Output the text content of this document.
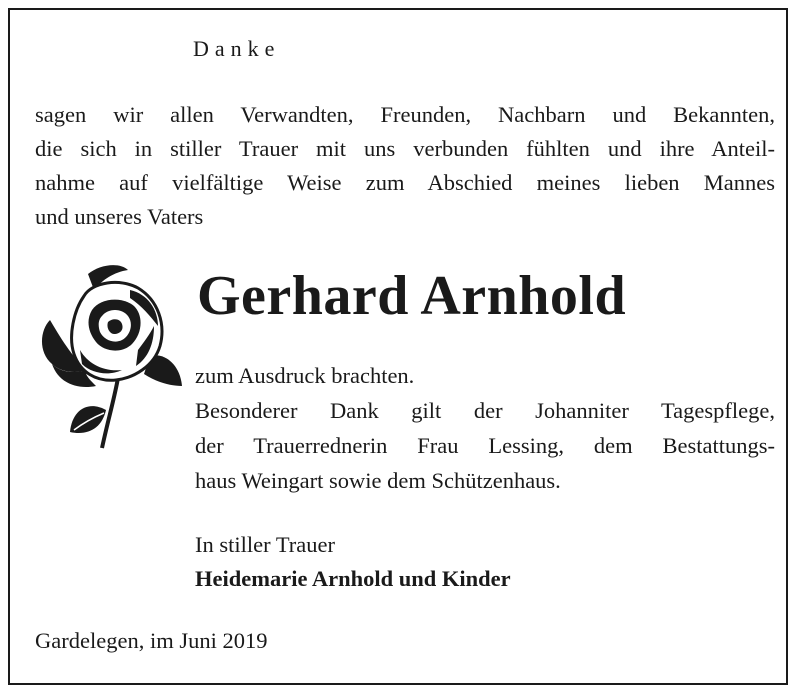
Danke
sagen wir allen Verwandten, Freunden, Nachbarn und Bekannten,
die sich in stiller Trauer mit uns verbunden fühlten und ihre Anteil-
nahme auf vielfältige Weise zum Abschied meines lieben Mannes
und unseres Vaters
Gerhard Arnhold
zum Ausdruck brachten.
Besonderer Dank gilt der Johanniter Tagespflege,
der Trauerrednerin Frau Lessing, dem Bestattungs-
haus Weingart sowie dem Schützenhaus.
In stiller Trauer
Heidemarie Arnhold und Kinder
Gardelegen, im Juni 2019
